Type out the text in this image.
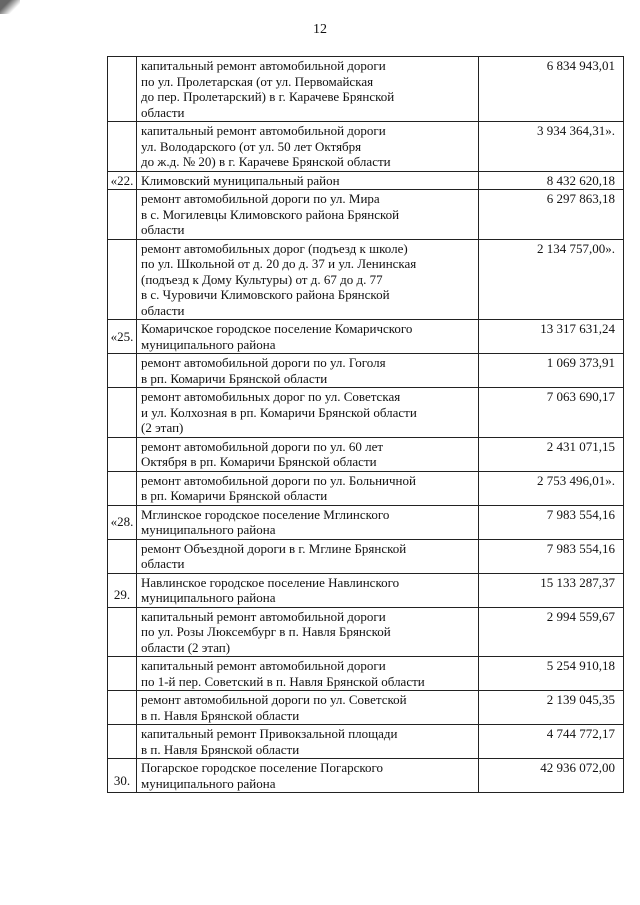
12

	капитальный ремонт автомобильной дороги
по ул. Пролетарская (от ул. Первомайская
до пер. Пролетарский) в г. Карачеве Брянской
области	6 834 943,01

	капитальный ремонт автомобильной дороги
ул. Володарского (от ул. 50 лет Октября
до ж.д. № 20) в г. Карачеве Брянской области	3 934 364,31».
«22.	Климовский муниципальный район	8 432 620,18

	ремонт автомобильной дороги по ул. Мира
в с. Могилевцы Климовского района Брянской
области	6 297 863,18

	ремонт автомобильных дорог (подъезд к школе)
по ул. Школьной от д. 20 до д. 37 и ул. Ленинская
(подъезд к Дому Культуры) от д. 67 до д. 77
в с. Чуровичи Климовского района Брянской
области	2 134 757,00».
«25.	Комаричское городское поселение Комаричского
муниципального района	13 317 631,24

	ремонт автомобильной дороги по ул. Гоголя
в рп. Комаричи Брянской области	1 069 373,91

	ремонт автомобильных дорог по ул. Советская
и ул. Колхозная в рп. Комаричи Брянской области
(2 этап)	7 063 690,17

	ремонт автомобильной дороги по ул. 60 лет
Октября в рп. Комаричи Брянской области	2 431 071,15

	ремонт автомобильной дороги по ул. Больничной
в рп. Комаричи Брянской области	2 753 496,01».
«28.	Мглинское городское поселение Мглинского
муниципального района	7 983 554,16

	ремонт Объездной дороги в г. Мглине Брянской
области	7 983 554,16
29.	Навлинское городское поселение Навлинского
муниципального района	15 133 287,37

	капитальный ремонт автомобильной дороги
по ул. Розы Люксембург в п. Навля Брянской
области (2 этап)	2 994 559,67

	капитальный ремонт автомобильной дороги
по 1-й пер. Советский в п. Навля Брянской области	5 254 910,18

	ремонт автомобильной дороги по ул. Советской
в п. Навля Брянской области	2 139 045,35

	капитальный ремонт Привокзальной площади
в п. Навля Брянской области	4 744 772,17
30.	Погарское городское поселение Погарского
муниципального района	42 936 072,00
